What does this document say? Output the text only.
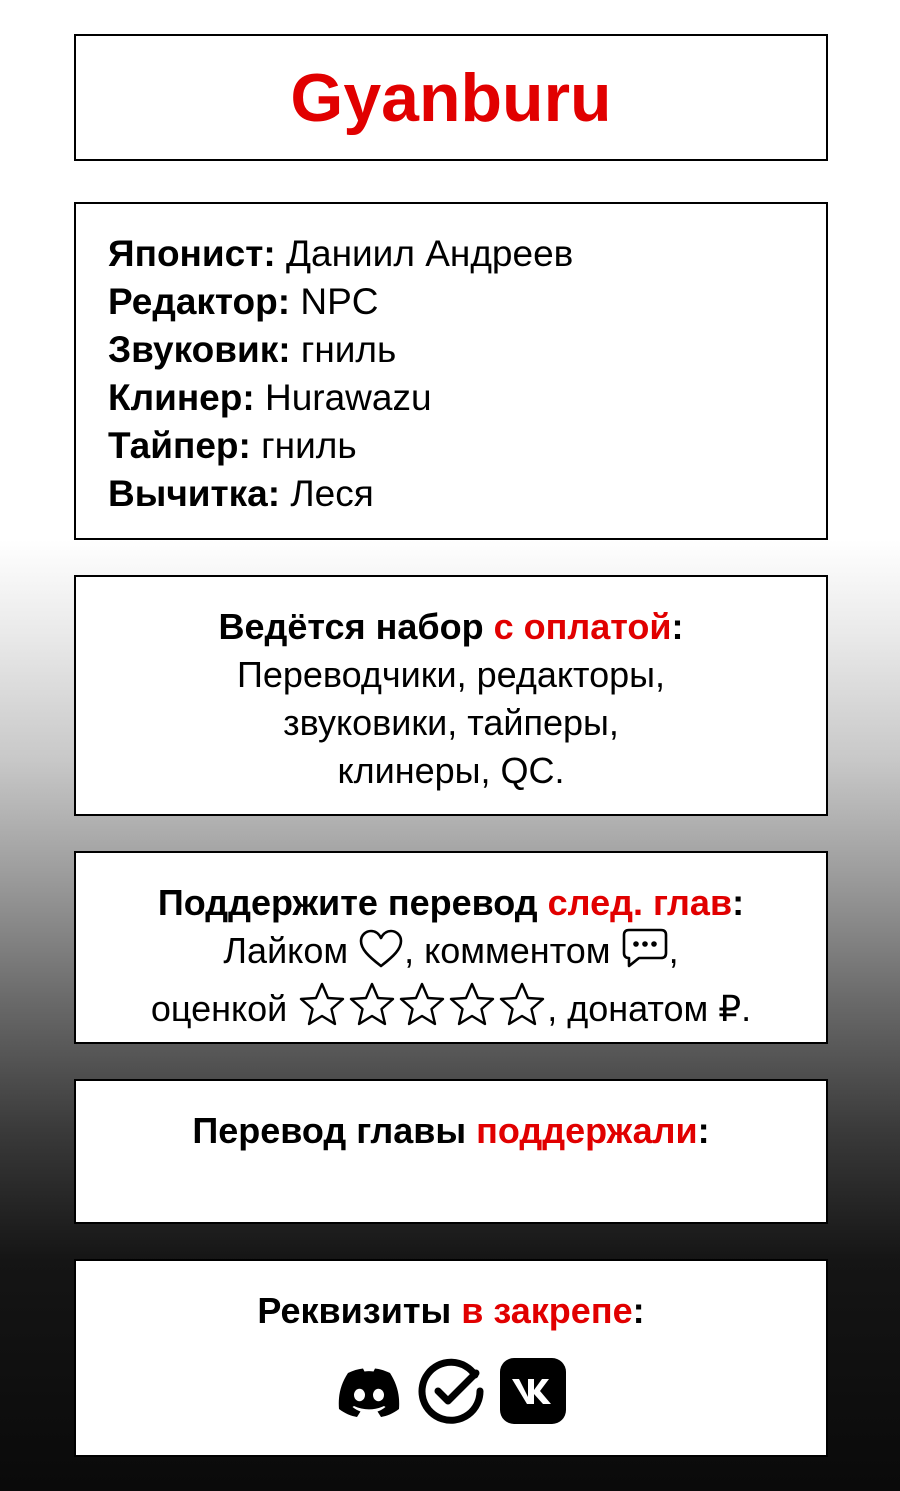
Gyanburu
Японист: Даниил Андреев
Редактор: NPC
Звуковик: гниль
Клинер: Hurawazu
Тайпер: гниль
Вычитка: Леся
Ведётся набор с оплатой:
Переводчики, редакторы,
звуковики, тайперы,
клинеры, QC.
Поддержите перевод след. глав:
Лайком , комментом ,
оценкой	, донатом ₽.
Перевод главы поддержали:
Реквизиты в закрепе:
